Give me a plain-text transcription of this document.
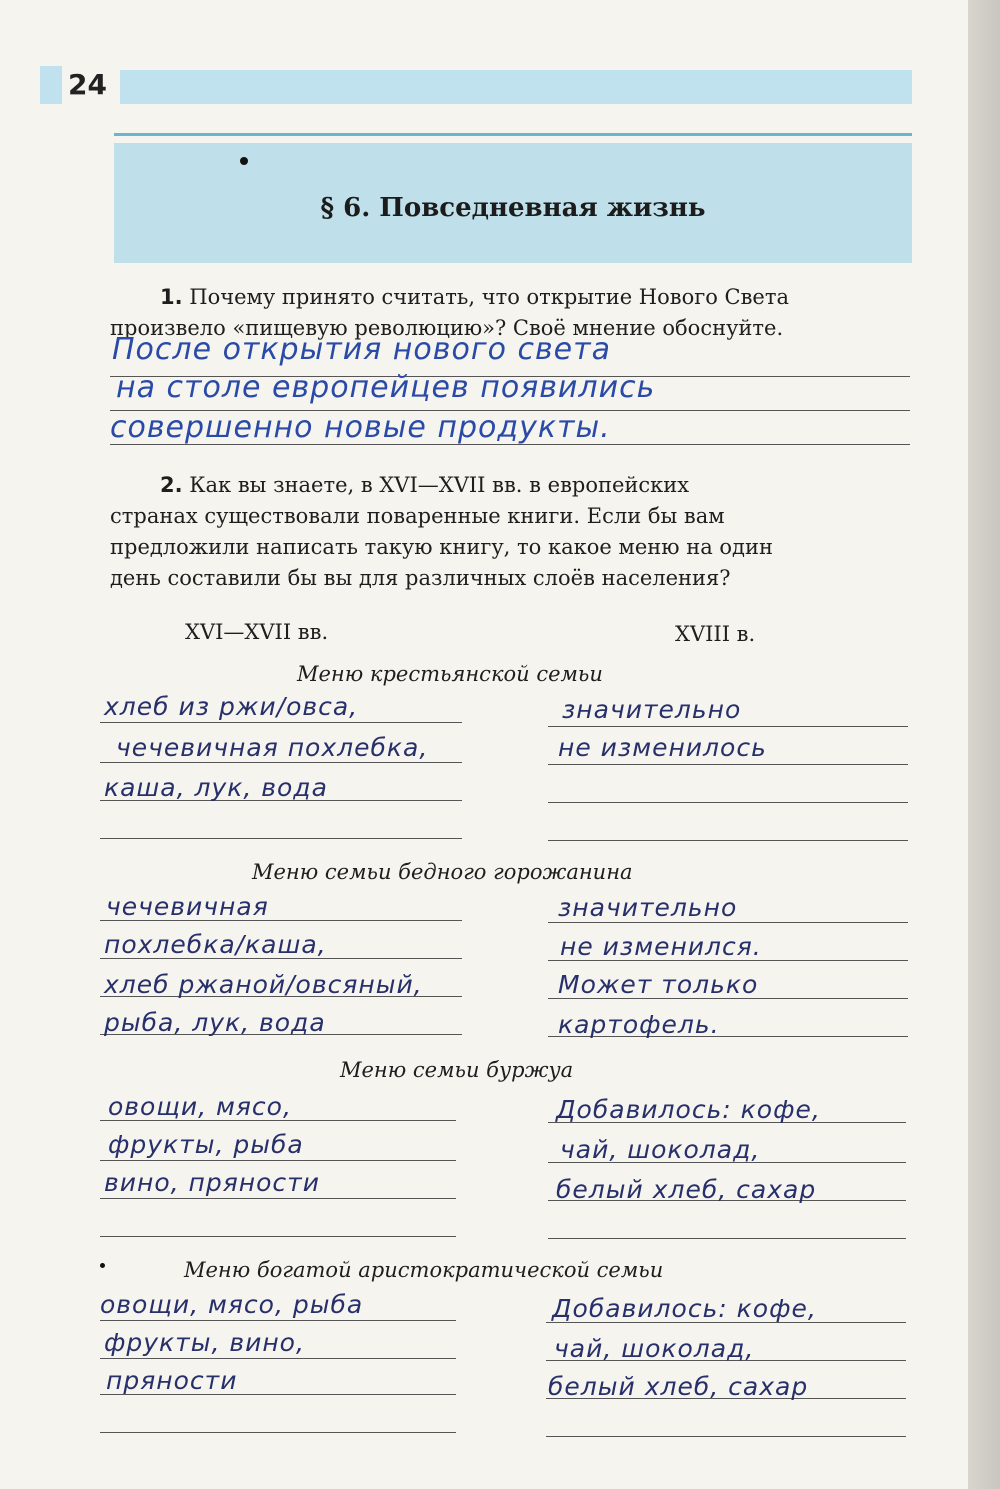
24
§ 6. Повседневная жизнь
1. Почему принято считать, что открытие Нового Света
произвело «пищевую революцию»? Своё мнение обоснуйте.
После открытия нового света
на столе европейцев появились
совершенно новые продукты.
2. Как вы знаете, в XVI—XVII вв. в европейских
странах существовали поваренные книги. Если бы вам
предложили написать такую книгу, то какое меню на один
день составили бы вы для различных слоёв населения?
XVI—XVII вв.	XVIII в.
Меню крестьянской семьи
хлеб из ржи/овса,
чечевичная похлебка,
каша, лук, вода
значительно
не изменилось
Меню семьи бедного горожанина
чечевичная
похлебка/каша,
хлеб ржаной/овсяный,
рыба, лук, вода
значительно
не изменился.
Может только
картофель.
Меню семьи буржуа
овощи, мясо,
фрукты, рыба
вино, пряности
Добавилось: кофе,
чай, шоколад,
белый хлеб, сахар
Меню богатой аристократической семьи
овощи, мясо, рыба
фрукты, вино,
пряности
Добавилось: кофе,
чай, шоколад,
белый хлеб, сахар
